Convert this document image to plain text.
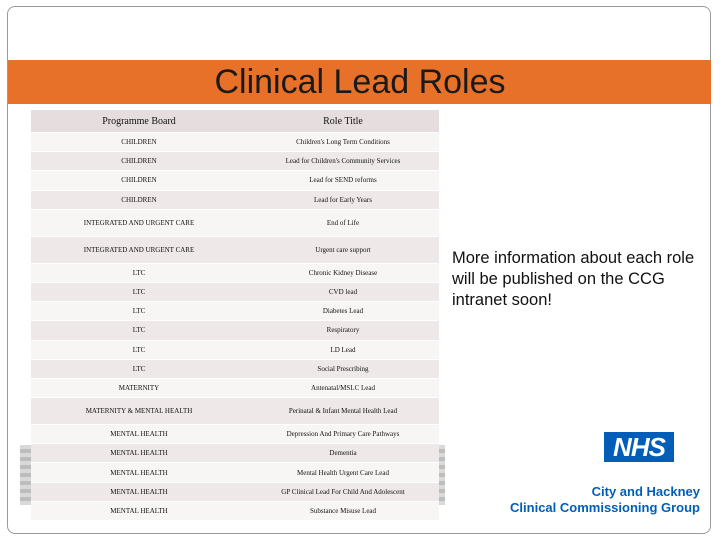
Clinical Lead Roles
Programme Board	Role Title
CHILDREN	Children's Long Term Conditions
CHILDREN	Lead for Children's Community Services
CHILDREN	Lead for SEND reforms
CHILDREN	Lead for Early Years
INTEGRATED AND URGENT CARE	End of Life
INTEGRATED AND URGENT CARE	Urgent care support
LTC	Chronic Kidney Disease
LTC	CVD lead
LTC	Diabetes Lead
LTC	Respiratory
LTC	LD Lead
LTC	Social Prescribing
MATERNITY	Antenatal/MSLC Lead
MATERNITY & MENTAL HEALTH	Perinatal & Infant Mental Health Lead
MENTAL HEALTH	Depression And Primary Care Pathways
MENTAL HEALTH	Dementia
MENTAL HEALTH	Mental Health Urgent Care Lead
MENTAL HEALTH	GP Clinical Lead For Child And Adolescent
MENTAL HEALTH	Substance Misuse Lead
More information about each role will be published on the CCG intranet soon!
NHS
City and Hackney
Clinical Commissioning Group
